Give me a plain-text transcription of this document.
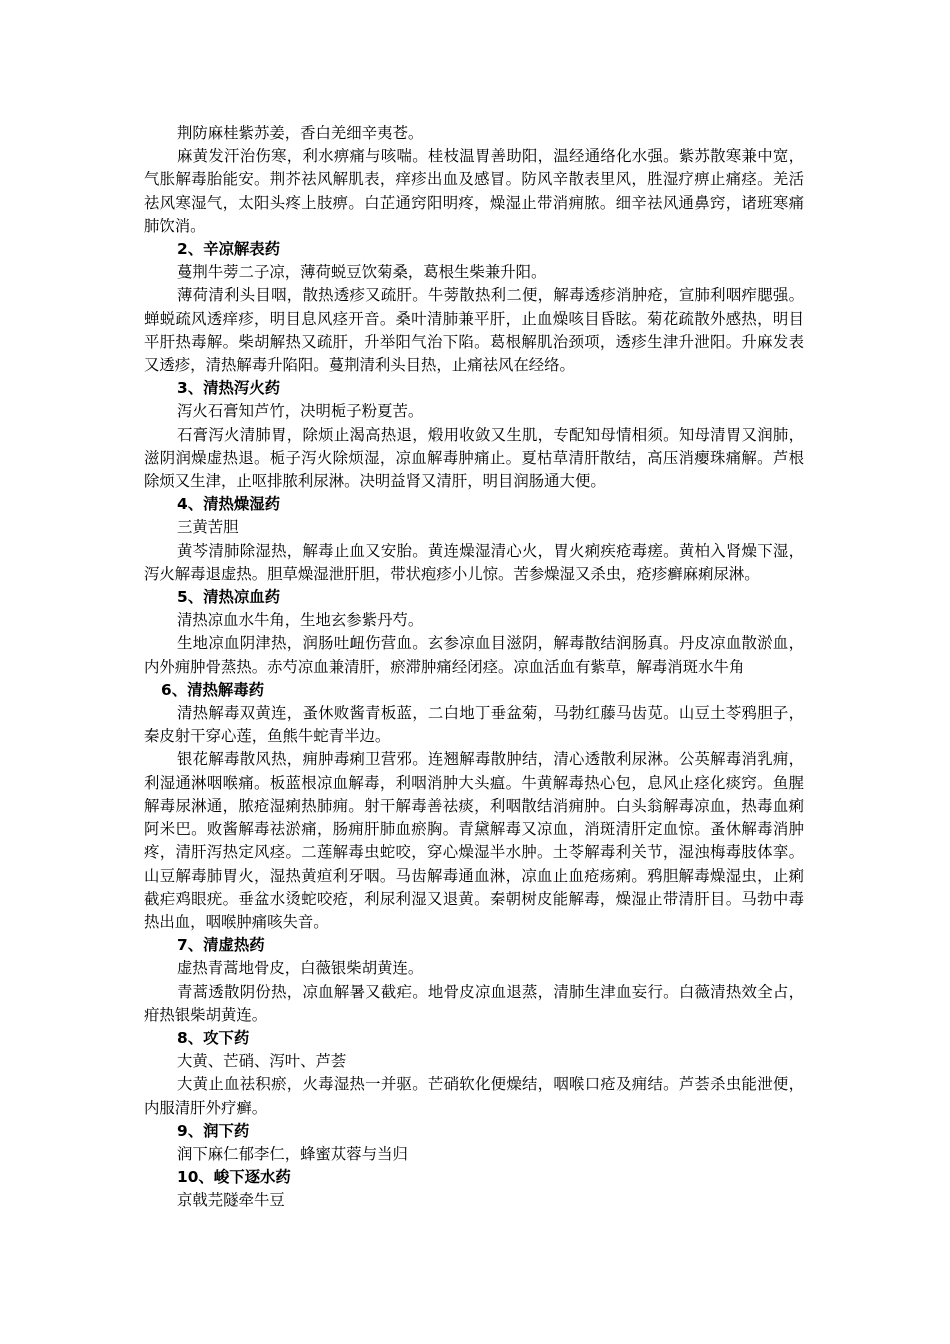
荆防麻桂紫苏姜，香白羌细辛夷苍。

麻黄发汗治伤寒，利水痹痛与咳喘。桂枝温胃善助阳，温经通络化水强。紫苏散寒兼中宽，气胀解毒胎能安。荆芥祛风解肌表，痒疹出血及感冒。防风辛散表里风，胜湿疗痹止痛痉。羌活祛风寒湿气，太阳头疼上肢痹。白芷通窍阳明疼，燥湿止带消痈脓。细辛祛风通鼻窍，诸班寒痛肺饮消。

2、辛凉解表药

蔓荆牛蒡二子凉，薄荷蜕豆饮菊桑，葛根生柴兼升阳。

薄荷清利头目咽，散热透疹又疏肝。牛蒡散热利二便，解毒透疹消肿疮，宣肺利咽痄腮强。蝉蜕疏风透痒疹，明目息风痉开音。桑叶清肺兼平肝，止血燥咳目昏眩。菊花疏散外感热，明目平肝热毒解。柴胡解热又疏肝，升举阳气治下陷。葛根解肌治颈项，透疹生津升泄阳。升麻发表又透疹，清热解毒升陷阳。蔓荆清利头目热，止痛祛风在经络。

3、清热泻火药

泻火石膏知芦竹，决明栀子粉夏苦。

石膏泻火清肺胃，除烦止渴高热退，煅用收敛又生肌，专配知母情相须。知母清胃又润肺，滋阴润燥虚热退。栀子泻火除烦湿，凉血解毒肿痛止。夏枯草清肝散结，高压消瘿珠痛解。芦根除烦又生津，止呕排脓利尿淋。决明益肾又清肝，明目润肠通大便。

4、清热燥湿药

三黄苦胆

黄芩清肺除湿热，解毒止血又安胎。黄连燥湿清心火，胃火痢疾疮毒瘥。黄柏入肾燥下湿，泻火解毒退虚热。胆草燥湿泄肝胆，带状疱疹小儿惊。苦参燥湿又杀虫，疮疹癣麻痢尿淋。

5、清热凉血药

清热凉血水牛角，生地玄参紫丹芍。

生地凉血阴津热，润肠吐衄伤营血。玄参凉血目滋阴，解毒散结润肠真。丹皮凉血散淤血，内外痈肿骨蒸热。赤芍凉血兼清肝，瘀滞肿痛经闭痉。凉血活血有紫草，解毒消斑水牛角

6、清热解毒药

清热解毒双黄连，蚤休败酱青板蓝，二白地丁垂盆菊，马勃红藤马齿苋。山豆土苓鸦胆子，秦皮射干穿心莲，鱼熊牛蛇青半边。

银花解毒散风热，痈肿毒痢卫营邪。连翘解毒散肿结，清心透散利尿淋。公英解毒消乳痈，利湿通淋咽喉痛。板蓝根凉血解毒，利咽消肿大头瘟。牛黄解毒热心包，息风止痉化痰窍。鱼腥解毒尿淋通，脓疮湿痢热肺痈。射干解毒善祛痰，利咽散结消痈肿。白头翁解毒凉血，热毒血痢阿米巴。败酱解毒祛淤痛，肠痈肝肺血瘀胸。青黛解毒又凉血，消斑清肝定血惊。蚤休解毒消肿疼，清肝泻热定风痉。二莲解毒虫蛇咬，穿心燥湿半水肿。土苓解毒利关节，湿浊梅毒肢体挛。山豆解毒肺胃火，湿热黄疸利牙咽。马齿解毒通血淋，凉血止血疮疡痢。鸦胆解毒燥湿虫，止痢截疟鸡眼疣。垂盆水烫蛇咬疮，利尿利湿又退黄。秦朝树皮能解毒，燥湿止带清肝目。马勃中毒热出血，咽喉肿痛咳失音。

7、清虚热药

虚热青蒿地骨皮，白薇银柴胡黄连。

青蒿透散阴份热，凉血解暑又截疟。地骨皮凉血退蒸，清肺生津血妄行。白薇清热效全占，疳热银柴胡黄连。

8、攻下药

大黄、芒硝、泻叶、芦荟

大黄止血祛积瘀，火毒湿热一并驱。芒硝软化便燥结，咽喉口疮及痈结。芦荟杀虫能泄便，内服清肝外疗癣。

9、润下药

润下麻仁郁李仁，蜂蜜苁蓉与当归

10、峻下逐水药

京戟芫隧牵牛豆
